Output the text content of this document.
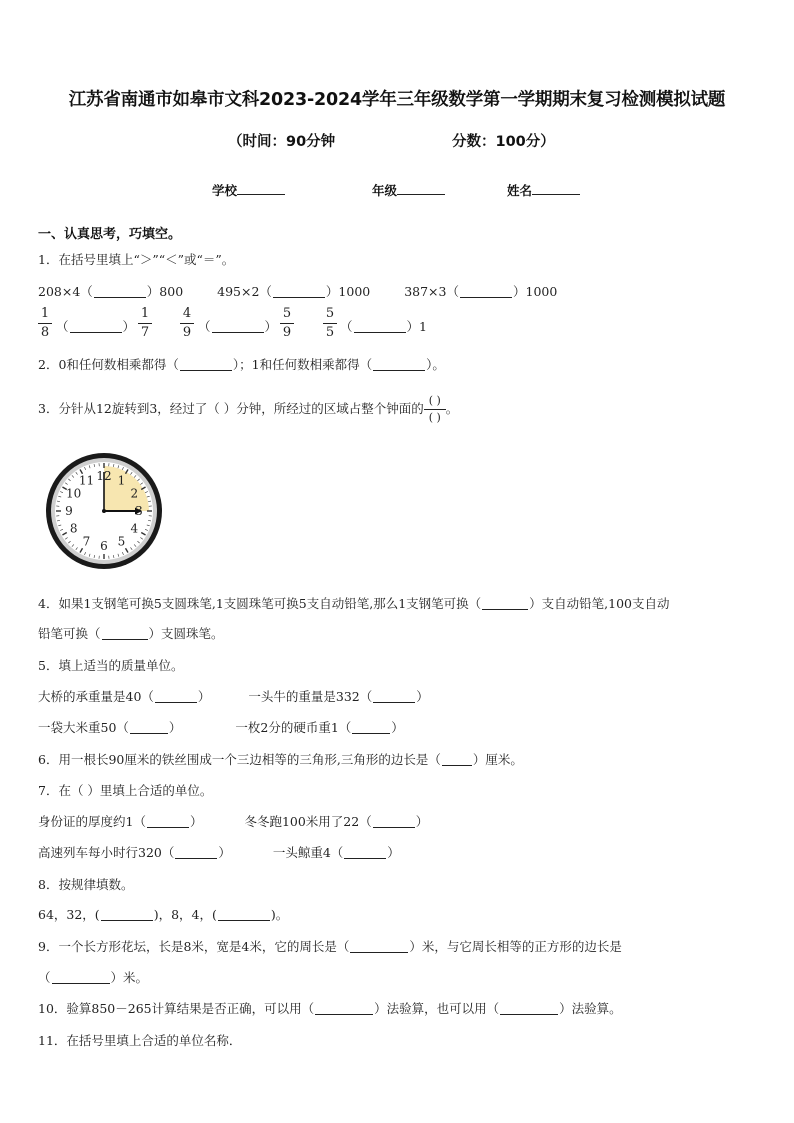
江苏省南通市如皋市文科2023-2024学年三年级数学第一学期期末复习检测模拟试题
（时间：90分钟	分数：100分）
学校	年级	姓名
一、认真思考，巧填空。
1．在括号里填上“＞”“＜”或“＝”。
208×4（	）800	495×2（	）1000	387×3（	）1000
1
8 （	）
1
7
4
9 （	）
5
9
5
5 （	）1
2．0和任何数相乘都得（	）；1和任何数相乘都得（	）。
3．分针从12旋转到3，经过了（ ）分钟，所经过的区域占整个钟面的( )
( )。
12 1
2
4
5
6
7
8
9
10
11
4．如果1支钢笔可换5支圆珠笔,1支圆珠笔可换5支自动铅笔,那么1支钢笔可换（	）支自动铅笔,100支自动
铅笔可换（	）支圆珠笔。
5．填上适当的质量单位。
大桥的承重量是40（	）	一头牛的重量是332（	）
一袋大米重50（	）	一枚2分的硬币重1（	）
6．用一根长90厘米的铁丝围成一个三边相等的三角形,三角形的边长是（	）厘米。
7．在（ ）里填上合适的单位。
身份证的厚度约1（	）	冬冬跑100米用了22（	）
高速列车每小时行320（	）	一头鲸重4（	）
8．按规律填数。
64，32，(	)，8，4，(	)。
9．一个长方形花坛，长是8米，宽是4米，它的周长是（	）米，与它周长相等的正方形的边长是
（	）米。
10．验算850－265计算结果是否正确，可以用（	）法验算，也可以用（	）法验算。
11．在括号里填上合适的单位名称．
